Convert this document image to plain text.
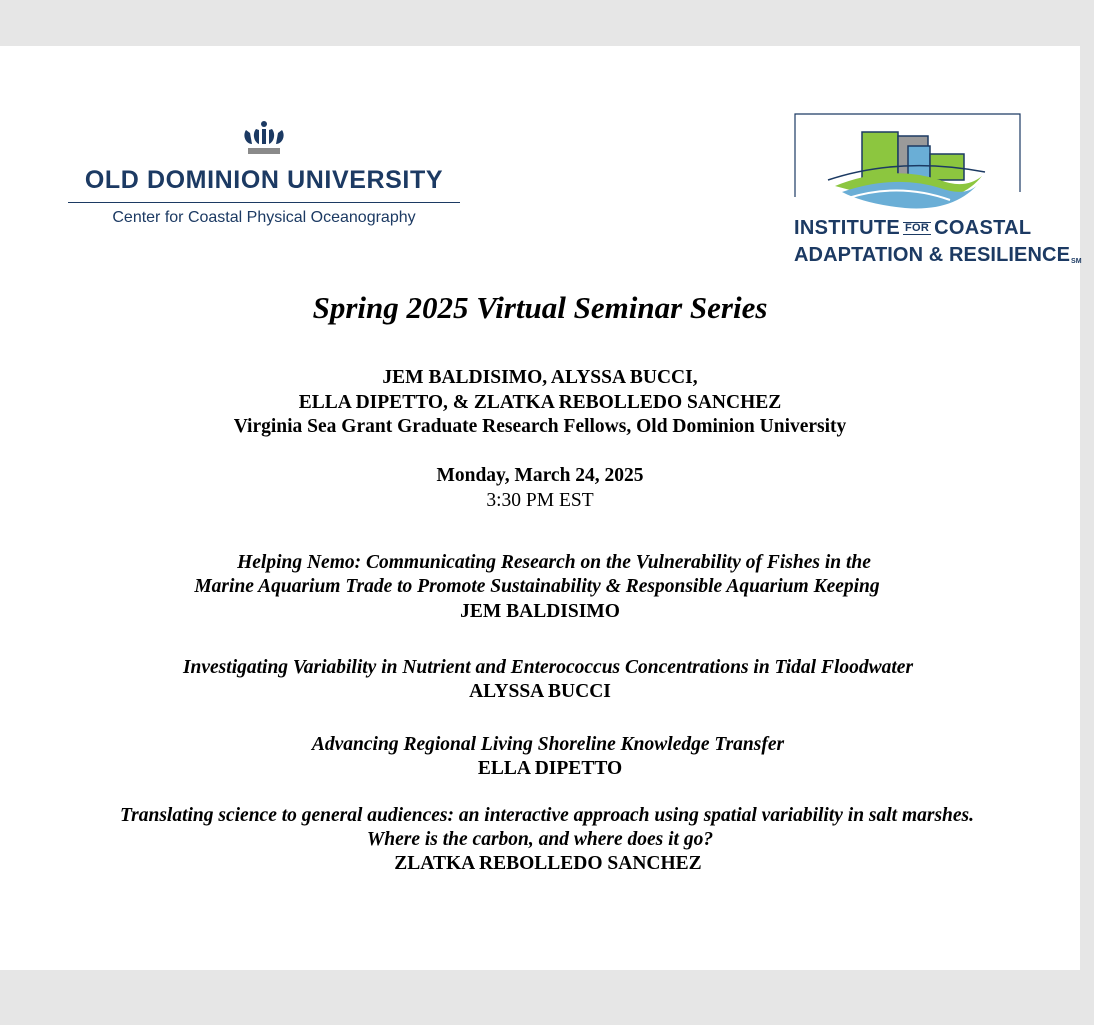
OLD DOMINION UNIVERSITY
Center for Coastal Physical Oceanography	INSTITUTE FOR COASTAL
ADAPTATION & RESILIENCESM
Spring 2025 Virtual Seminar Series
JEM BALDISIMO, ALYSSA BUCCI,
ELLA DIPETTO, & ZLATKA REBOLLEDO SANCHEZ
Virginia Sea Grant Graduate Research Fellows, Old Dominion University
Monday, March 24, 2025
3:30 PM EST
Helping Nemo: Communicating Research on the Vulnerability of Fishes in the
Marine Aquarium Trade to Promote Sustainability & Responsible Aquarium Keeping
JEM BALDISIMO
Investigating Variability in Nutrient and Enterococcus Concentrations in Tidal Floodwater
ALYSSA BUCCI
Advancing Regional Living Shoreline Knowledge Transfer
ELLA DIPETTO
Translating science to general audiences: an interactive approach using spatial variability in salt marshes.
Where is the carbon, and where does it go?
ZLATKA REBOLLEDO SANCHEZ
